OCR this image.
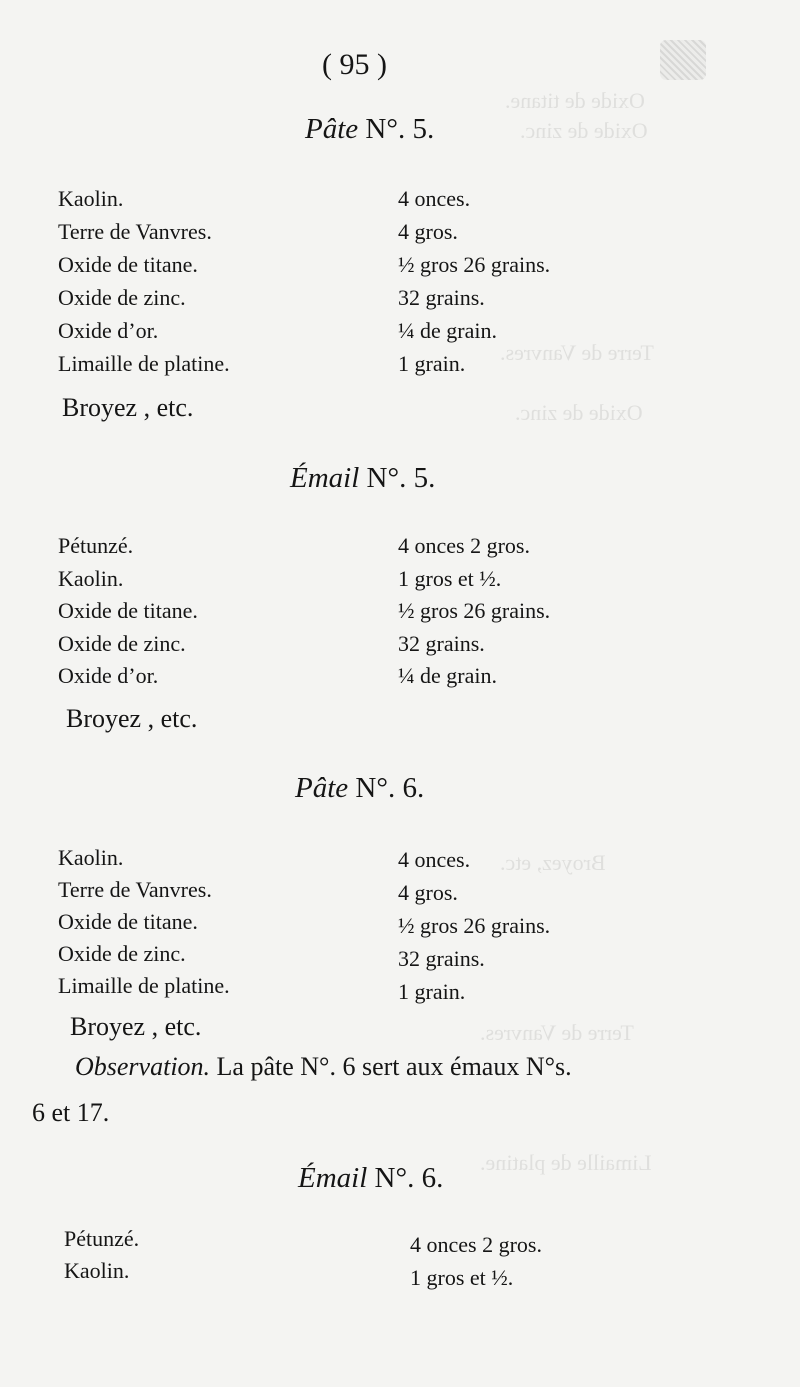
Oxide de titane.
Oxide de zinc.
Terre de Vanvres.
Oxide de zinc.
Broyez, etc.
Terre de Vanvres.
Limaille de platine.
( 95 )
Pâte N°. 5.
Kaolin.	4 onces.
Terre de Vanvres.	4 gros.
Oxide de titane.	½ gros 26 grains.
Oxide de zinc.	32 grains.
Oxide d’or.	¼ de grain.
Limaille de platine.	1 grain.
Broyez , etc.
Émail N°. 5.
Pétunzé.	4 onces 2 gros.
Kaolin.	1 gros et ½.
Oxide de titane.	½ gros 26 grains.
Oxide de zinc.	32 grains.
Oxide d’or.	¼ de grain.
Broyez , etc.
Pâte N°. 6.
Kaolin.	4 onces.
Terre de Vanvres.	4 gros.
Oxide de titane.	½ gros 26 grains.
Oxide de zinc.	32 grains.
Limaille de platine.	1 grain.
Broyez , etc.
Observation. La pâte N°. 6 sert aux émaux N°s.
6 et 17.
Émail N°. 6.
Pétunzé.	4 onces 2 gros.
Kaolin.	1 gros et ½.
